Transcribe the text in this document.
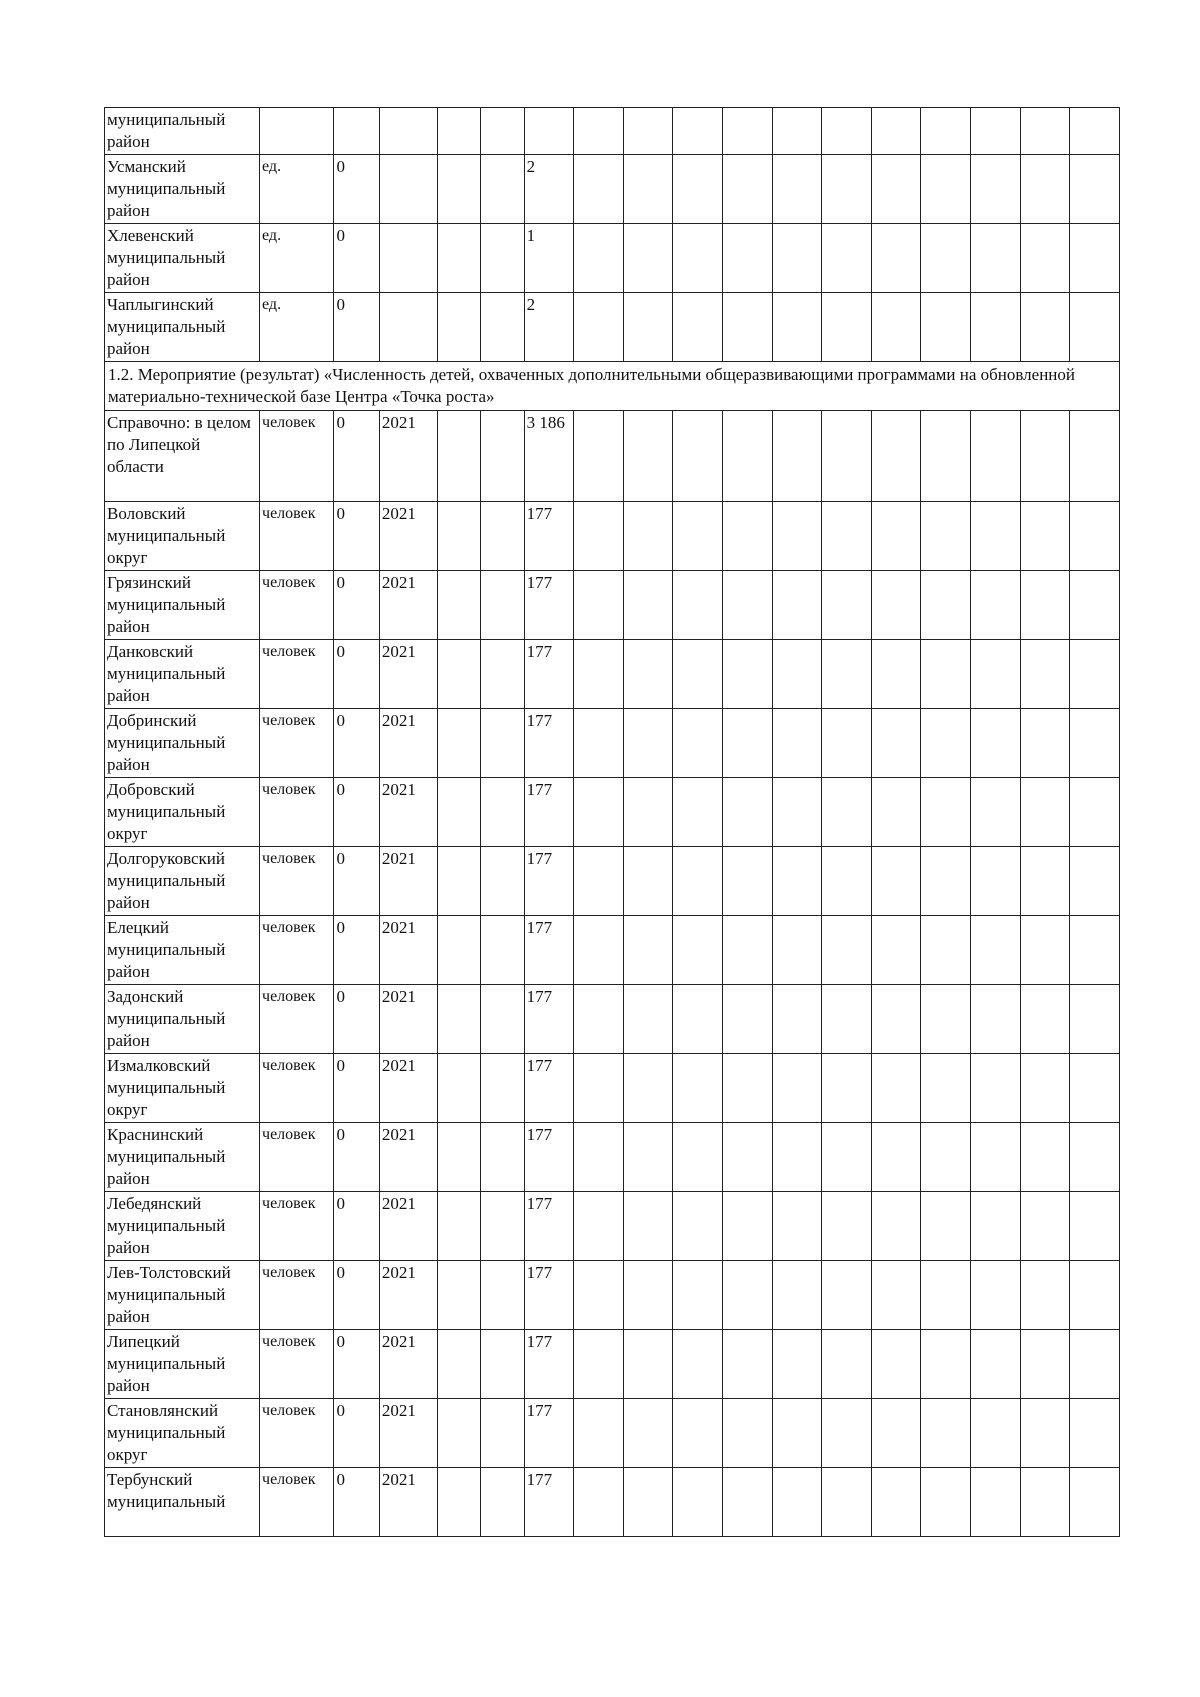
муниципальный район																	
Усманский муниципальный район	ед.	0				2											
Хлевенский муниципальный район	ед.	0				1											
Чаплыгинский муниципальный район	ед.	0				2											
1.2. Мероприятие (результат) «Численность детей, охваченных дополнительными общеразвивающими программами на обновленной материально-технической базе Центра «Точка роста»																	
Справочно: в целом по Липецкой области	человек	0	2021			3 186											
Воловский муниципальный округ	человек	0	2021			177											
Грязинский муниципальный район	человек	0	2021			177											
Данковский муниципальный район	человек	0	2021			177											
Добринский муниципальный район	человек	0	2021			177											
Добровский муниципальный округ	человек	0	2021			177											
Долгоруковский муниципальный район	человек	0	2021			177											
Елецкий муниципальный район	человек	0	2021			177											
Задонский муниципальный район	человек	0	2021			177											
Измалковский муниципальный округ	человек	0	2021			177											
Краснинский муниципальный район	человек	0	2021			177											
Лебедянский муниципальный район	человек	0	2021			177											
Лев-Толстовский муниципальный район	человек	0	2021			177											
Липецкий муниципальный район	человек	0	2021			177											
Становлянский муниципальный округ	человек	0	2021			177											
Тербунский муниципальный	человек	0	2021			177											
